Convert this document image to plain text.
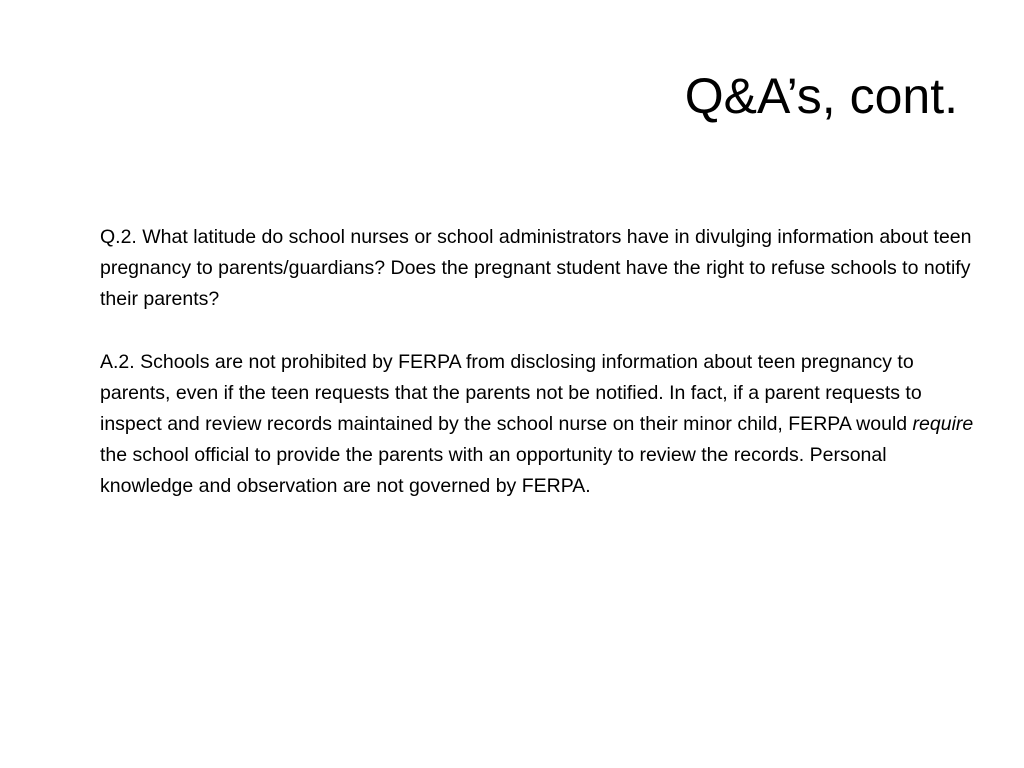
Q&A’s, cont.

Q.2. What latitude do school nurses or school administrators have in divulging information about teen pregnancy to parents/guardians? Does the pregnant student have the right to refuse schools to notify their parents?

A.2. Schools are not prohibited by FERPA from disclosing information about teen pregnancy to parents, even if the teen requests that the parents not be notified. In fact, if a parent requests to inspect and review records maintained by the school nurse on their minor child, FERPA would require the school official to provide the parents with an opportunity to review the records. Personal knowledge and observation are not governed by FERPA.
